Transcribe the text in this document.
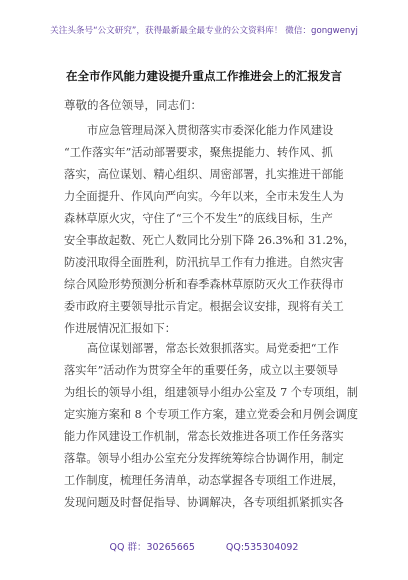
关注头条号“公文研究”，获得最新最全最专业的公文资料库！ 微信：gongwenyj
在全市作风能力建设提升重点工作推进会上的汇报发言
尊敬的各位领导，同志们：
市应急管理局深入贯彻落实市委深化能力作风建设
“工作落实年”活动部署要求，聚焦提能力、转作风、抓
落实，高位谋划、精心组织、周密部署，扎实推进干部能
力全面提升、作风向严向实。今年以来，全市未发生人为
森林草原火灾，守住了“三个不发生”的底线目标，生产
安全事故起数、死亡人数同比分别下降 26.3%和 31.2%，
防凌汛取得全面胜利，防汛抗旱工作有力推进。自然灾害
综合风险形势预测分析和春季森林草原防灭火工作获得市
委市政府主要领导批示肯定。根据会议安排，现将有关工
作进展情况汇报如下：
高位谋划部署，常态长效狠抓落实。局党委把“工作
落实年”活动作为贯穿全年的重要任务，成立以主要领导
为组长的领导小组，组建领导小组办公室及 7 个专项组，制
定实施方案和 8 个专项工作方案，建立党委会和月例会调度
能力作风建设工作机制，常态长效推进各项工作任务落实
落靠。领导小组办公室充分发挥统筹综合协调作用，制定
工作制度，梳理任务清单，动态掌握各专项组工作进展，
发现问题及时督促指导、协调解决，各专项组抓紧抓实各
QQ 群：30265665	QQ:535304092
